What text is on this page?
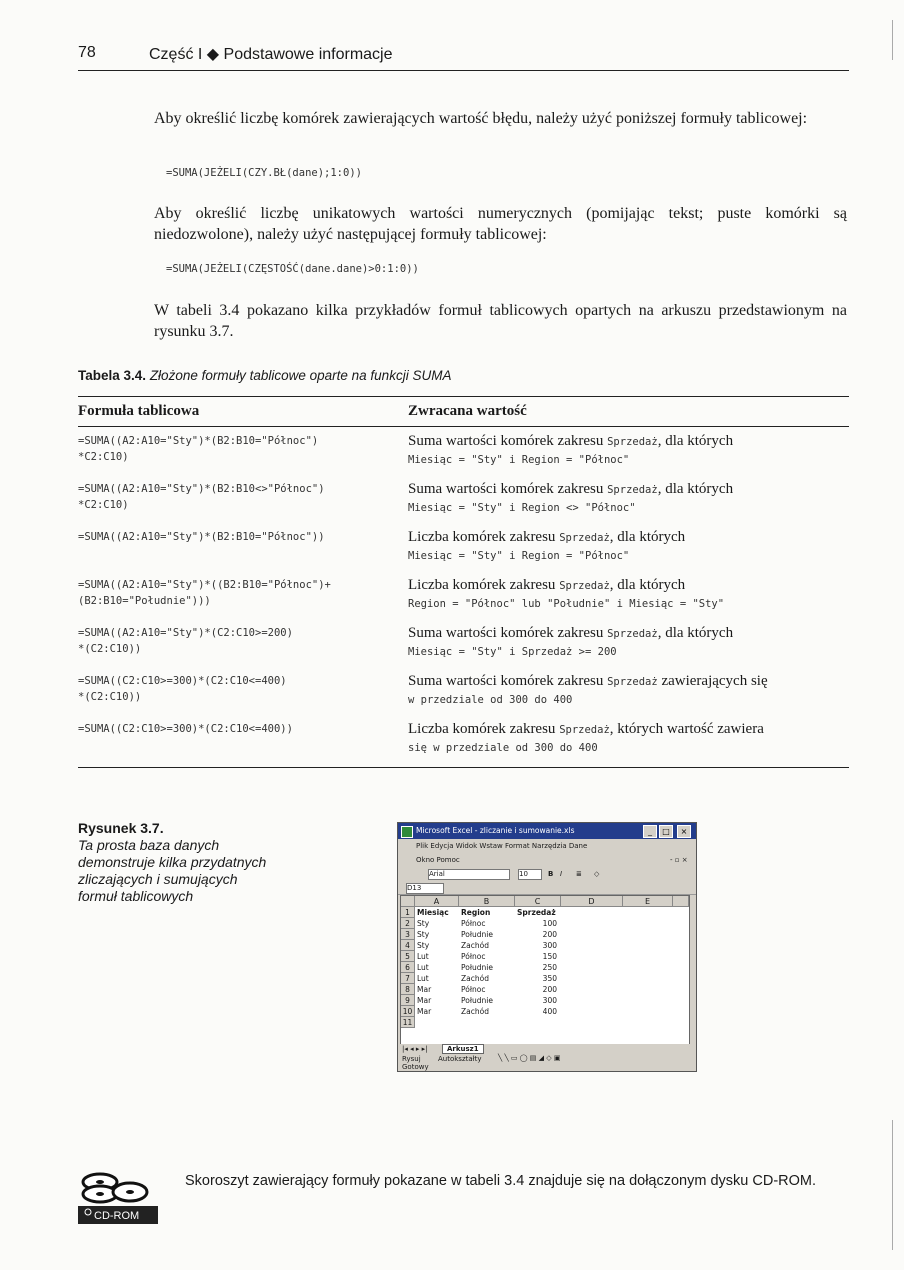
78	Część I ◆ Podstawowe informacje
Aby określić liczbę komórek zawierających wartość błędu, należy użyć poniższej formuły tablicowej:
=SUMA(JEŻELI(CZY.BŁ(dane);1:0))
Aby określić liczbę unikatowych wartości numerycznych (pomijając tekst; puste komórki są niedozwolone), należy użyć następującej formuły tablicowej:
=SUMA(JEŻELI(CZĘSTOŚĆ(dane.dane)>0:1:0))
W tabeli 3.4 pokazano kilka przykładów formuł tablicowych opartych na arkuszu przedstawionym na rysunku 3.7.
Tabela 3.4. Złożone formuły tablicowe oparte na funkcji SUMA
Formuła tablicowa	Zwracana wartość
=SUMA((A2:A10="Sty")*(B2:B10="Północ")
*C2:C10)	Suma wartości komórek zakresu Sprzedaż, dla których
Miesiąc = "Sty" i Region = "Północ"
=SUMA((A2:A10="Sty")*(B2:B10<>"Północ")
*C2:C10)	Suma wartości komórek zakresu Sprzedaż, dla których
Miesiąc = "Sty" i Region <> "Północ"
=SUMA((A2:A10="Sty")*(B2:B10="Północ"))	Liczba komórek zakresu Sprzedaż, dla których
Miesiąc = "Sty" i Region = "Północ"
=SUMA((A2:A10="Sty")*((B2:B10="Północ")+
(B2:B10="Południe")))	Liczba komórek zakresu Sprzedaż, dla których
Region = "Północ" lub "Południe" i Miesiąc = "Sty"
=SUMA((A2:A10="Sty")*(C2:C10>=200)
*(C2:C10))	Suma wartości komórek zakresu Sprzedaż, dla których
Miesiąc = "Sty" i Sprzedaż >= 200
=SUMA((C2:C10>=300)*(C2:C10<=400)
*(C2:C10))	Suma wartości komórek zakresu Sprzedaż zawierających się
w przedziale od 300 do 400
=SUMA((C2:C10>=300)*(C2:C10<=400))	Liczba komórek zakresu Sprzedaż, których wartość zawiera
się w przedziale od 300 do 400
Rysunek 3.7.
Ta prosta baza danych demonstruje kilka przydatnych zliczających i sumujących formuł tablicowych
Microsoft Excel - zliczanie i sumowanie.xls	_	□	×
Plik Edycja Widok Wstaw Format Narzędzia Dane
Okno Pomoc	- ▫ ×
Arial	10	B I ≣ ◇
D13
A	B	C	D	E
1 Miesiąc	Region	Sprzedaż
2 Sty	Północ	100
3 Sty	Południe	200
4 Sty	Zachód	300
5 Lut	Północ	150
6 Lut	Południe	250
7 Lut	Zachód	350
8 Mar	Północ	200
9 Mar	Południe	300
10 Mar	Zachód	400
11
|◂ ◂ ▸ ▸|	Arkusz1
Rysuj Autokształty ╲ ╲ ▭ ◯ ▤ ◢ ◇ ▣
Gotowy
CD-ROM
Skoroszyt zawierający formuły pokazane w tabeli 3.4 znajduje się na dołączonym dysku CD-ROM.
